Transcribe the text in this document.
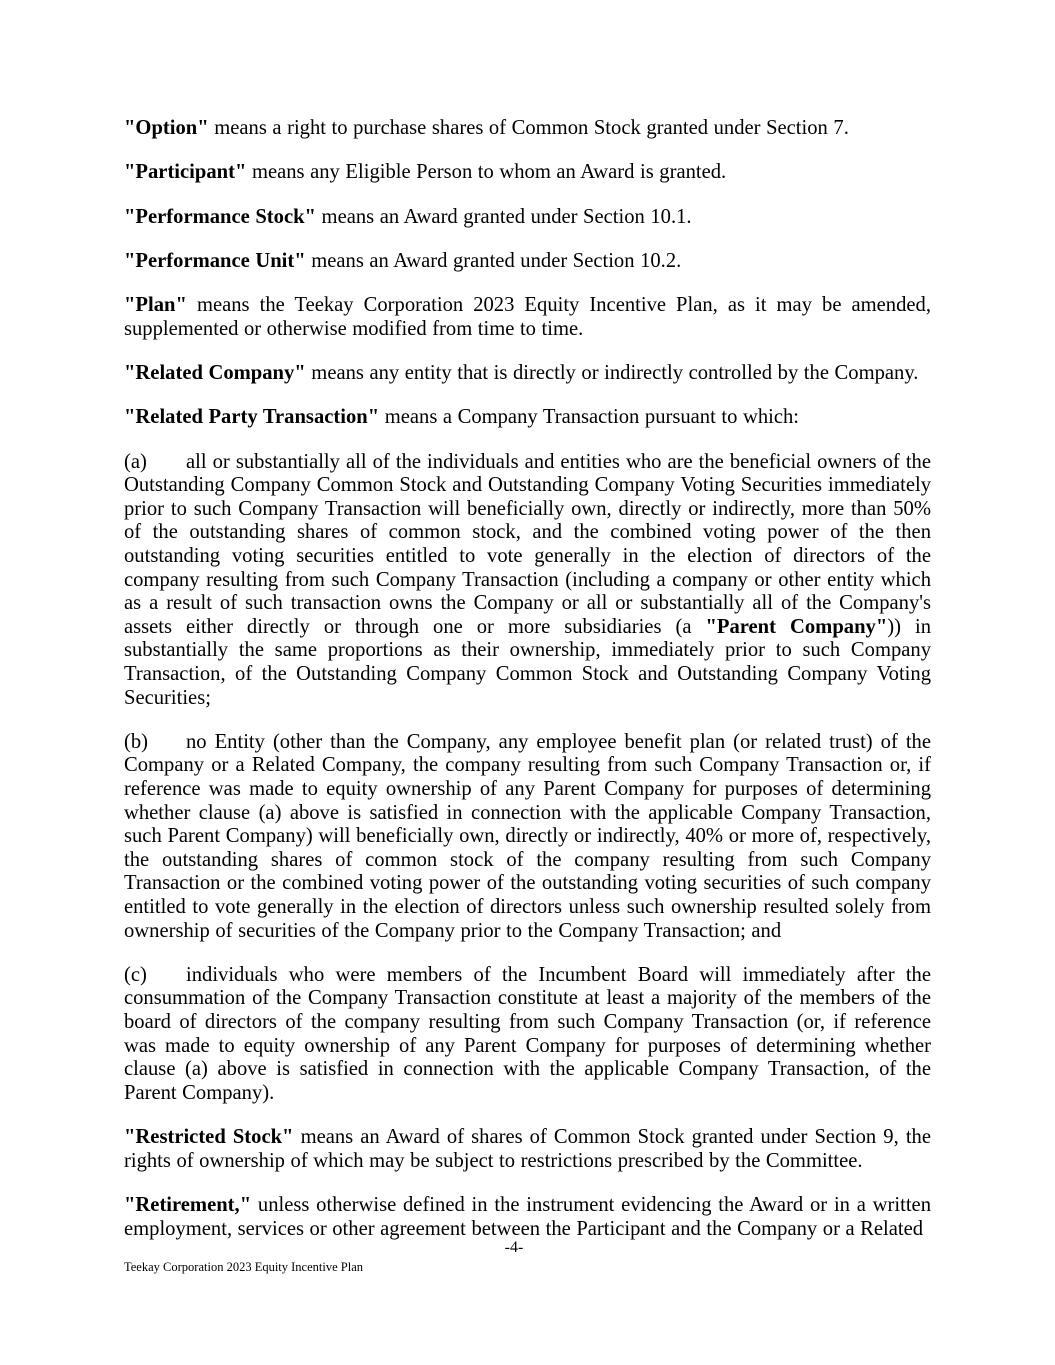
"Option" means a right to purchase shares of Common Stock granted under Section 7.

"Participant" means any Eligible Person to whom an Award is granted.

"Performance Stock" means an Award granted under Section 10.1.

"Performance Unit" means an Award granted under Section 10.2.

"Plan" means the Teekay Corporation 2023 Equity Incentive Plan, as it may be amended, supplemented or otherwise modified from time to time.

"Related Company" means any entity that is directly or indirectly controlled by the Company.

"Related Party Transaction" means a Company Transaction pursuant to which:

(a) all or substantially all of the individuals and entities who are the beneficial owners of the Outstanding Company Common Stock and Outstanding Company Voting Securities immediately prior to such Company Transaction will beneficially own, directly or indirectly, more than 50% of the outstanding shares of common stock, and the combined voting power of the then outstanding voting securities entitled to vote generally in the election of directors of the company resulting from such Company Transaction (including a company or other entity which as a result of such transaction owns the Company or all or substantially all of the Company's assets either directly or through one or more subsidiaries (a "Parent Company")) in substantially the same proportions as their ownership, immediately prior to such Company Transaction, of the Outstanding Company Common Stock and Outstanding Company Voting Securities;

(b) no Entity (other than the Company, any employee benefit plan (or related trust) of the Company or a Related Company, the company resulting from such Company Transaction or, if reference was made to equity ownership of any Parent Company for purposes of determining whether clause (a) above is satisfied in connection with the applicable Company Transaction, such Parent Company) will beneficially own, directly or indirectly, 40% or more of, respectively, the outstanding shares of common stock of the company resulting from such Company Transaction or the combined voting power of the outstanding voting securities of such company entitled to vote generally in the election of directors unless such ownership resulted solely from ownership of securities of the Company prior to the Company Transaction; and

(c) individuals who were members of the Incumbent Board will immediately after the consummation of the Company Transaction constitute at least a majority of the members of the board of directors of the company resulting from such Company Transaction (or, if reference was made to equity ownership of any Parent Company for purposes of determining whether clause (a) above is satisfied in connection with the applicable Company Transaction, of the Parent Company).

"Restricted Stock" means an Award of shares of Common Stock granted under Section 9, the rights of ownership of which may be subject to restrictions prescribed by the Committee.

"Retirement," unless otherwise defined in the instrument evidencing the Award or in a written employment, services or other agreement between the Participant and the Company or a Related

-4-
Teekay Corporation 2023 Equity Incentive Plan
